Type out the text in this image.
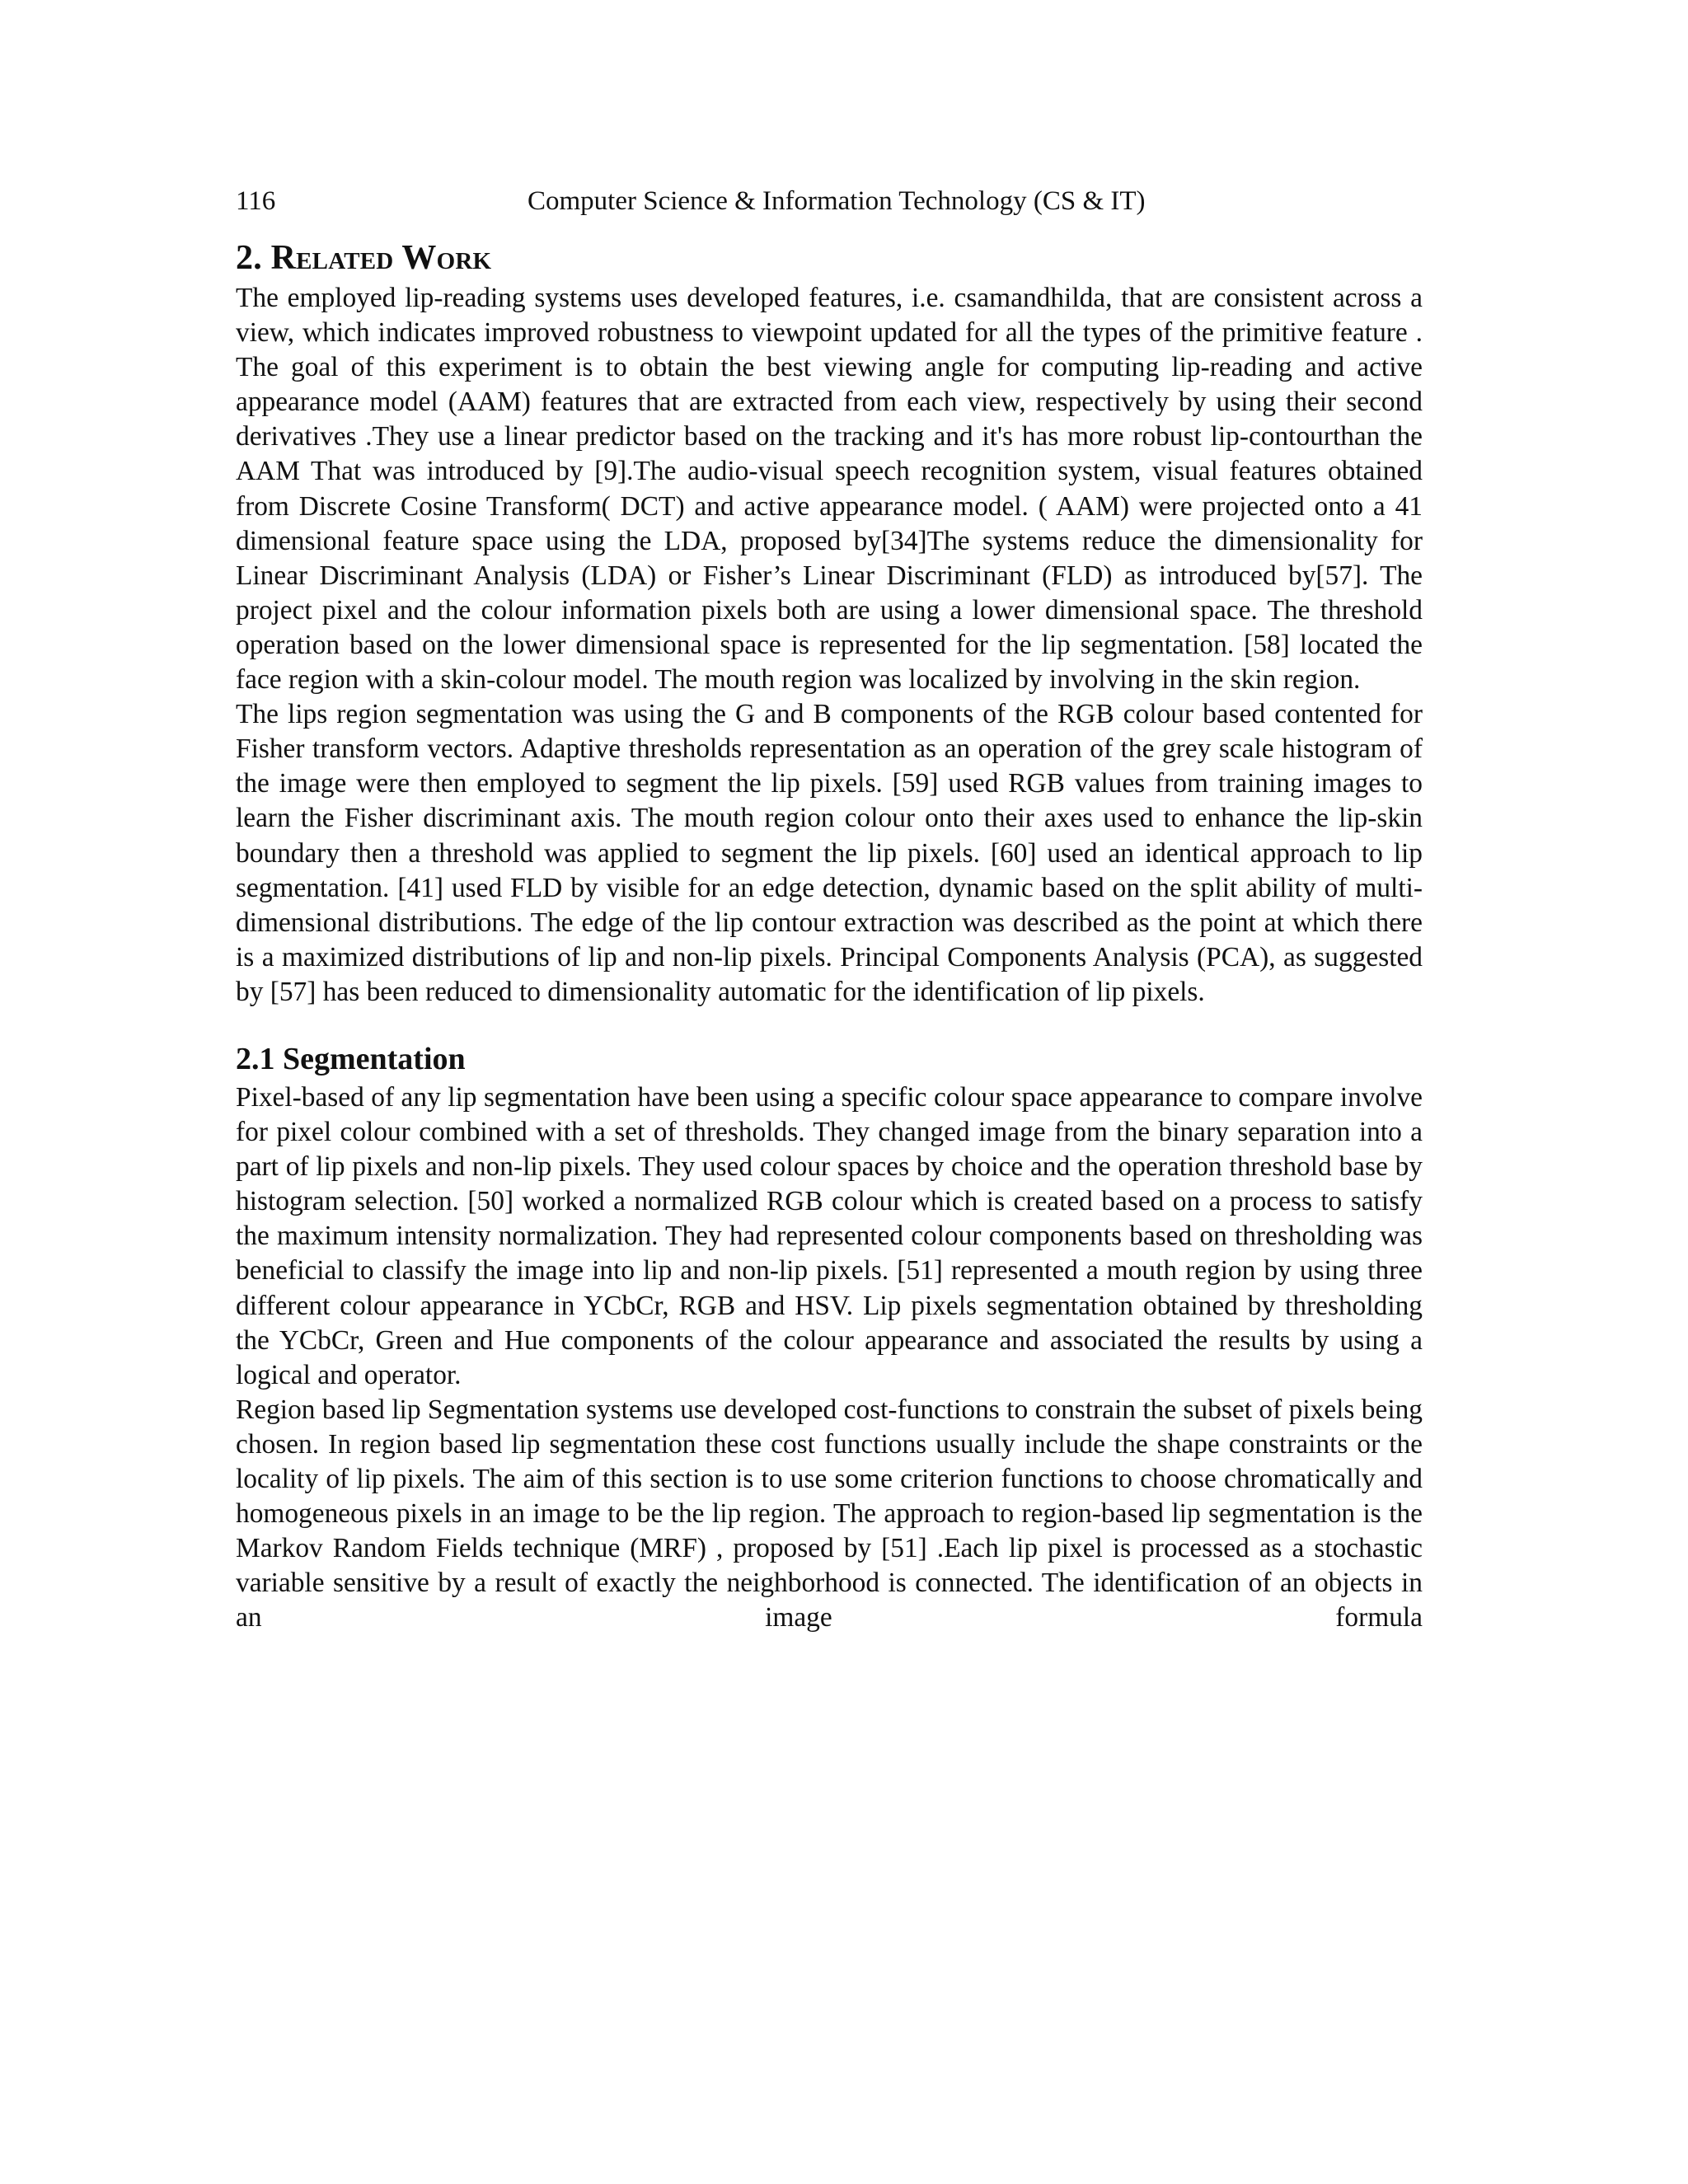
116	Computer Science & Information Technology (CS & IT)
2. Related Work

The employed lip-reading systems uses developed features, i.e. csamandhilda, that are consistent across a view, which indicates improved robustness to viewpoint updated for all the types of the primitive feature . The goal of this experiment is to obtain the best viewing angle for computing lip-reading and active appearance model (AAM) features that are extracted from each view, respectively by using their second derivatives .They use a linear predictor based on the tracking and it's has more robust lip-contourthan the AAM That was introduced by [9].The audio-visual speech recognition system, visual features obtained from Discrete Cosine Transform( DCT) and active appearance model. ( AAM) were projected onto a 41 dimensional feature space using the LDA, proposed by[34]The systems reduce the dimensionality for Linear Discriminant Analysis (LDA) or Fisher’s Linear Discriminant (FLD) as introduced by[57]. The project pixel and the colour information pixels both are using a lower dimensional space. The threshold operation based on the lower dimensional space is represented for the lip segmentation. [58] located the face region with a skin-colour model. The mouth region was localized by involving in the skin region.

The lips region segmentation was using the G and B components of the RGB colour based contented for Fisher transform vectors. Adaptive thresholds representation as an operation of the grey scale histogram of the image were then employed to segment the lip pixels. [59] used RGB values from training images to learn the Fisher discriminant axis. The mouth region colour onto their axes used to enhance the lip-skin boundary then a threshold was applied to segment the lip pixels. [60] used an identical approach to lip segmentation. [41] used FLD by visible for an edge detection, dynamic based on the split ability of multi-dimensional distributions. The edge of the lip contour extraction was described as the point at which there is a maximized distributions of lip and non-lip pixels. Principal Components Analysis (PCA), as suggested by [57] has been reduced to dimensionality automatic for the identification of lip pixels.

2.1 Segmentation

Pixel-based of any lip segmentation have been using a specific colour space appearance to compare involve for pixel colour combined with a set of thresholds. They changed image from the binary separation into a part of lip pixels and non-lip pixels. They used colour spaces by choice and the operation threshold base by histogram selection. [50] worked a normalized RGB colour which is created based on a process to satisfy the maximum intensity normalization. They had represented colour components based on thresholding was beneficial to classify the image into lip and non-lip pixels. [51] represented a mouth region by using three different colour appearance in YCbCr, RGB and HSV. Lip pixels segmentation obtained by thresholding the YCbCr, Green and Hue components of the colour appearance and associated the results by using a logical and operator.

Region based lip Segmentation systems use developed cost-functions to constrain the subset of pixels being chosen. In region based lip segmentation these cost functions usually include the shape constraints or the locality of lip pixels. The aim of this section is to use some criterion functions to choose chromatically and homogeneous pixels in an image to be the lip region. The approach to region-based lip segmentation is the Markov Random Fields technique (MRF) , proposed by [51] .Each lip pixel is processed as a stochastic variable sensitive by a result of exactly the neighborhood is connected. The identification of an objects in an image formula
